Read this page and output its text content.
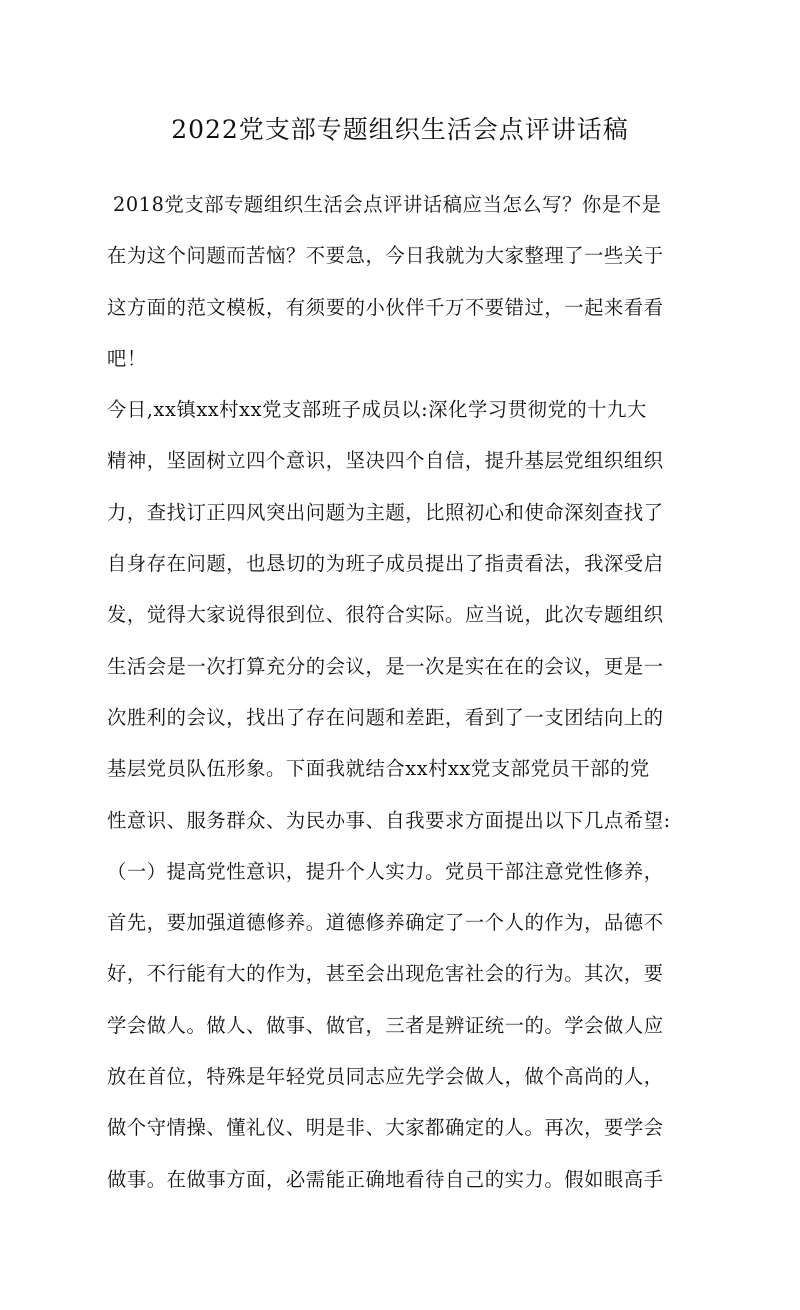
2022党支部专题组织生活会点评讲话稿
2018党支部专题组织生活会点评讲话稿应当怎么写？你是不是
在为这个问题而苦恼？不要急，今日我就为大家整理了一些关于
这方面的范文模板，有须要的小伙伴千万不要错过，一起来看看
吧！
今日,xx镇xx村xx党支部班子成员以:深化学习贯彻党的十九大
精神，坚固树立四个意识，坚决四个自信，提升基层党组织组织
力，查找订正四风突出问题为主题，比照初心和使命深刻查找了
自身存在问题，也恳切的为班子成员提出了指责看法，我深受启
发，觉得大家说得很到位、很符合实际。应当说，此次专题组织
生活会是一次打算充分的会议，是一次是实在在的会议，更是一
次胜利的会议，找出了存在问题和差距，看到了一支团结向上的
基层党员队伍形象。下面我就结合xx村xx党支部党员干部的党
性意识、服务群众、为民办事、自我要求方面提出以下几点希望:
（一）提高党性意识，提升个人实力。党员干部注意党性修养，
首先，要加强道德修养。道德修养确定了一个人的作为，品德不
好，不行能有大的作为，甚至会出现危害社会的行为。其次，要
学会做人。做人、做事、做官，三者是辨证统一的。学会做人应
放在首位，特殊是年轻党员同志应先学会做人，做个高尚的人，
做个守情操、懂礼仪、明是非、大家都确定的人。再次，要学会
做事。在做事方面，必需能正确地看待自己的实力。假如眼高手
